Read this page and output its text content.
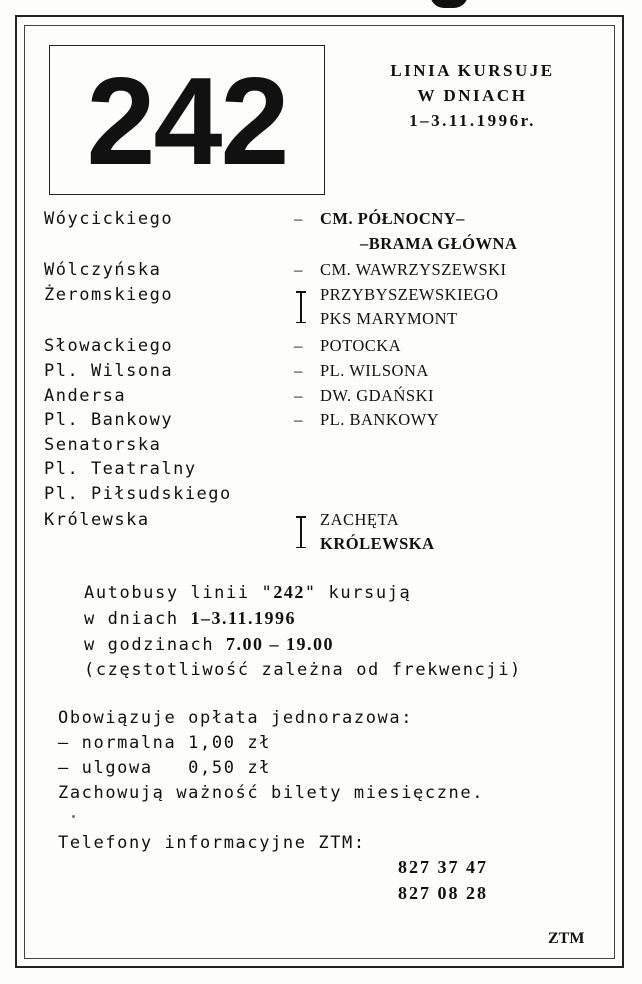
242	LINIA KURSUJE
W DNIACH
1–3.11.1996r.
Wóycickiego	– CM. PÓŁNOCNY–
–BRAMA GŁÓWNA
Wólczyńska	– CM. WAWRZYSZEWSKI
Żeromskiego	PRZYBYSZEWSKIEGO
PKS MARYMONT
Słowackiego	– POTOCKA
Pl. Wilsona	– PL. WILSONA
Andersa	– DW. GDAŃSKI
Pl. Bankowy	– PL. BANKOWY
Senatorska
Pl. Teatralny
Pl. Piłsudskiego
Królewska	ZACHĘTA
KRÓLEWSKA
Autobusy linii "242" kursują
w dniach 1–3.11.1996
w godzinach 7.00 – 19.00
(częstotliwość zależna od frekwencji)
Obowiązuje opłata jednorazowa:
– normalna 1,00 zł
– ulgowa   0,50 zł
Zachowują ważność bilety miesięczne.
Telefony informacyjne ZTM:
827 37 47
827 08 28
ZTM
